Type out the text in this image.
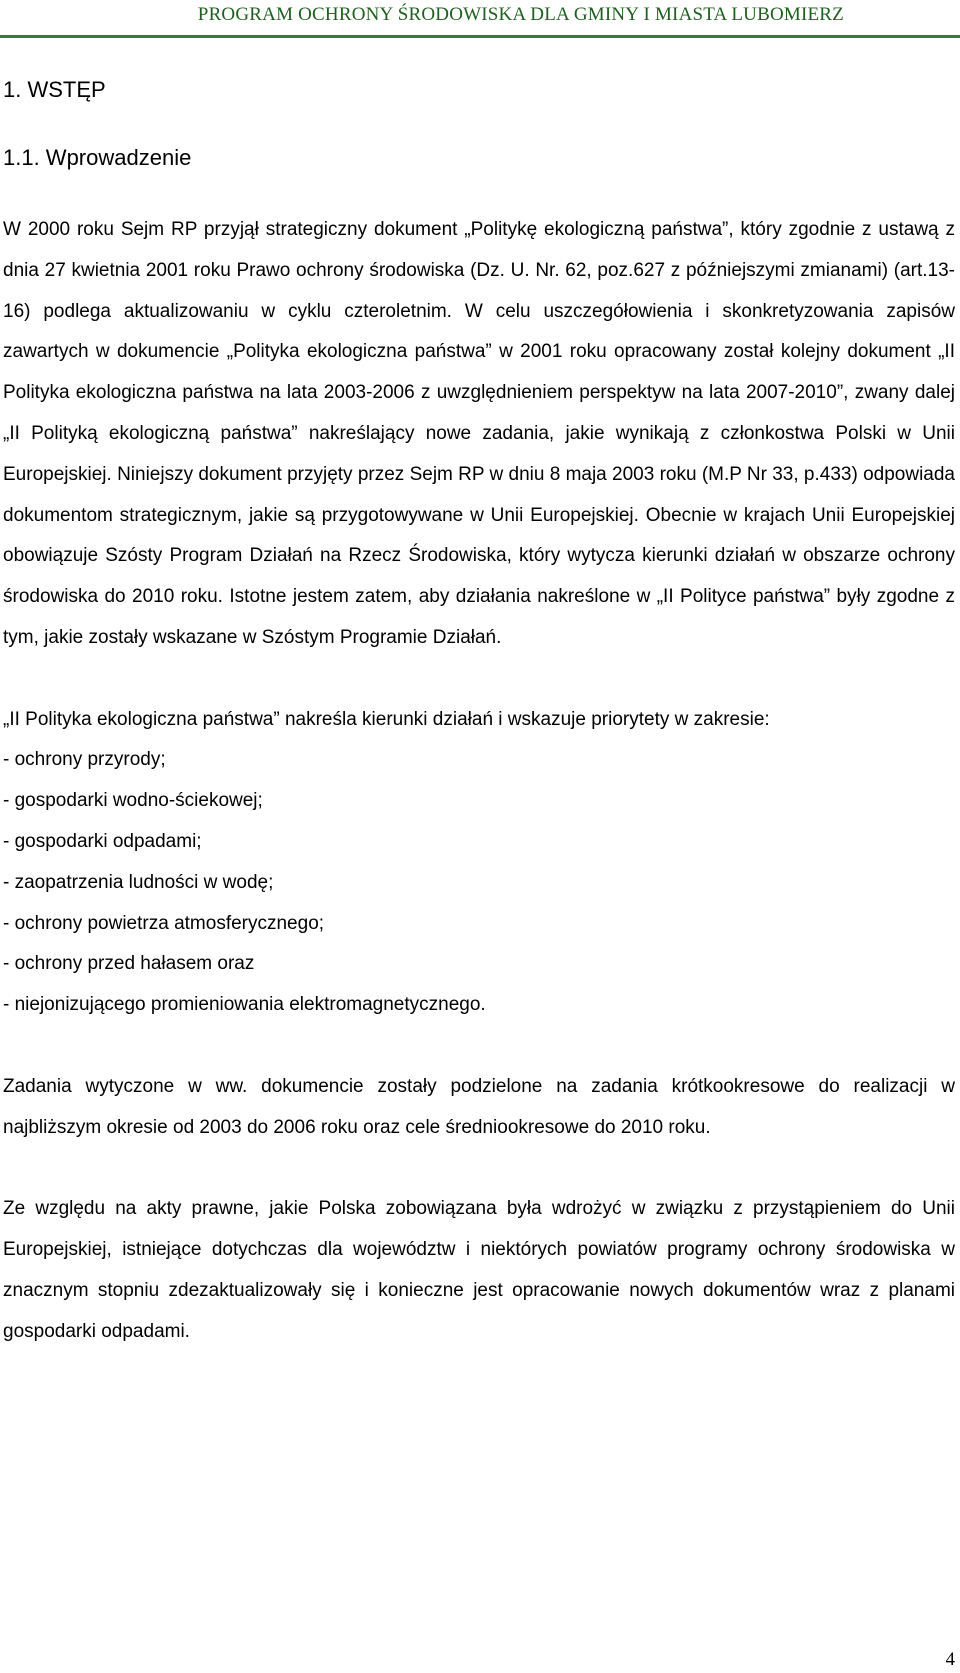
PROGRAM OCHRONY ŚRODOWISKA DLA GMINY I MIASTA LUBOMIERZ
1. WSTĘP
1.1. Wprowadzenie

W 2000 roku Sejm RP przyjął strategiczny dokument „Politykę ekologiczną państwa”, który zgodnie z ustawą z dnia 27 kwietnia 2001 roku Prawo ochrony środowiska (Dz. U. Nr. 62, poz.627 z późniejszymi zmianami) (art.13-16) podlega aktualizowaniu w cyklu czteroletnim. W celu uszczegółowienia i skonkretyzowania zapisów zawartych w dokumencie „Polityka ekologiczna państwa” w 2001 roku opracowany został kolejny dokument „II Polityka ekologiczna państwa na lata 2003-2006 z uwzględnieniem perspektyw na lata 2007-2010”, zwany dalej „II Polityką ekologiczną państwa” nakreślający nowe zadania, jakie wynikają z członkostwa Polski w Unii Europejskiej. Niniejszy dokument przyjęty przez Sejm RP w dniu 8 maja 2003 roku (M.P Nr 33, p.433) odpowiada dokumentom strategicznym, jakie są przygotowywane w Unii Europejskiej. Obecnie w krajach Unii Europejskiej obowiązuje Szósty Program Działań na Rzecz Środowiska, który wytycza kierunki działań w obszarze ochrony środowiska do 2010 roku. Istotne jestem zatem, aby działania nakreślone w „II Polityce państwa” były zgodne z tym, jakie zostały wskazane w Szóstym Programie Działań.

„II Polityka ekologiczna państwa” nakreśla kierunki działań i wskazuje priorytety w zakresie:

- ochrony przyrody;
- gospodarki wodno-ściekowej;
- gospodarki odpadami;
- zaopatrzenia ludności w wodę;
- ochrony powietrza atmosferycznego;
- ochrony przed hałasem oraz
- niejonizującego promieniowania elektromagnetycznego.

Zadania wytyczone w ww. dokumencie zostały podzielone na zadania krótkookresowe do realizacji w najbliższym okresie od 2003 do 2006 roku oraz cele średniookresowe do 2010 roku.

Ze względu na akty prawne, jakie Polska zobowiązana była wdrożyć w związku z przystąpieniem do Unii Europejskiej, istniejące dotychczas dla województw i niektórych powiatów programy ochrony środowiska w znacznym stopniu zdezaktualizowały się i konieczne jest opracowanie nowych dokumentów wraz z planami gospodarki odpadami.

4
